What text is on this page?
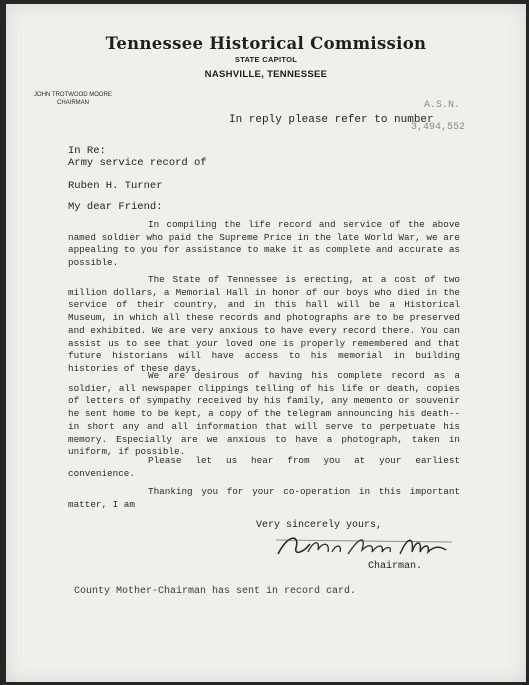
Tennessee Historical Commission
STATE CAPITOL
NASHVILLE, TENNESSEE
JOHN TROTWOOD MOORE
CHAIRMAN
In reply please refer to number
A.S.N.
3,494,552
In Re:
Army service record of
Ruben H. Turner
My dear Friend:
In compiling the life record and service of the above named soldier who paid the Supreme Price in the late World War, we are appealing to you for assistance to make it as complete and accurate as possible.
The State of Tennessee is erecting, at a cost of two million dollars, a Memorial Hall in honor of our boys who died in the service of their country, and in this hall will be a Historical Museum, in which all these records and photographs are to be preserved and exhibited. We are very anxious to have every record there. You can assist us to see that your loved one is properly remembered and that future historians will have access to his memorial in building histories of these days.
We are desirous of having his complete record as a soldier, all newspaper clippings telling of his life or death, copies of letters of sympathy received by his family, any memento or souvenir he sent home to be kept, a copy of the telegram announcing his death--in short any and all information that will serve to perpetuate his memory. Especially are we anxious to have a photograph, taken in uniform, if possible.
Please let us hear from you at your earliest convenience.
Thanking you for your co-operation in this important matter, I am
Very sincerely yours,
Chairman.
County Mother-Chairman has sent in record card.
